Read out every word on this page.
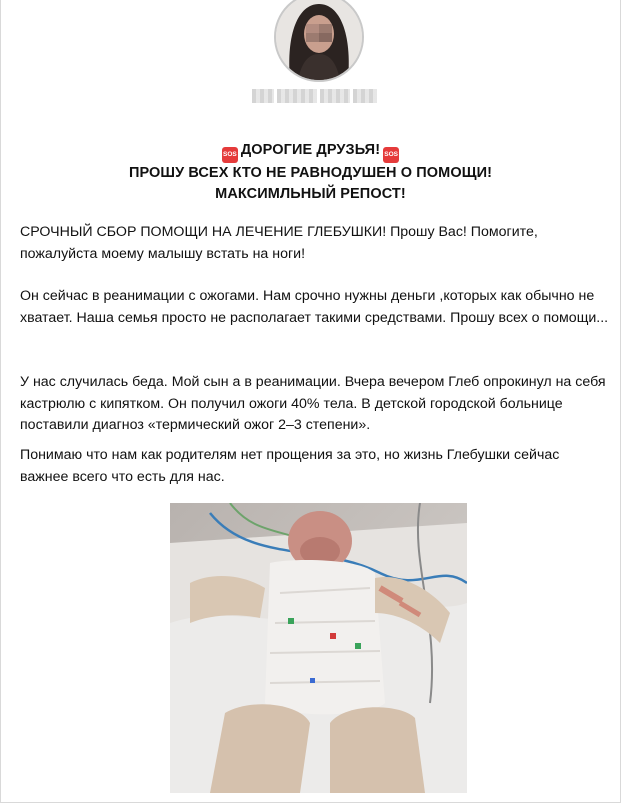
SOS ДОРОГИЕ ДРУЗЬЯ! SOS
ПРОШУ ВСЕХ КТО НЕ РАВНОДУШЕН О ПОМОЩИ!
МАКСИМЛЬНЫЙ РЕПОСТ!

СРОЧНЫЙ СБОР ПОМОЩИ НА ЛЕЧЕНИЕ ГЛЕБУШКИ! Прошу Вас! Помогите, пожалуйста моему малышу встать на ноги!

Он сейчас в реанимации с ожогами. Нам срочно нужны деньги ,которых как обычно не хватает. Наша семья просто не располагает такими средствами. Прошу всех о помощи...

У нас случилась беда. Мой сын а в реанимации. Вчера вечером Глеб опрокинул на себя кастрюлю с кипятком. Он получил ожоги 40% тела. В детской городской больнице поставили диагноз «термический ожог 2–3 степени».

Понимаю что нам как родителям нет прощения за это, но жизнь Глебушки сейчас важнее всего что есть для нас.
